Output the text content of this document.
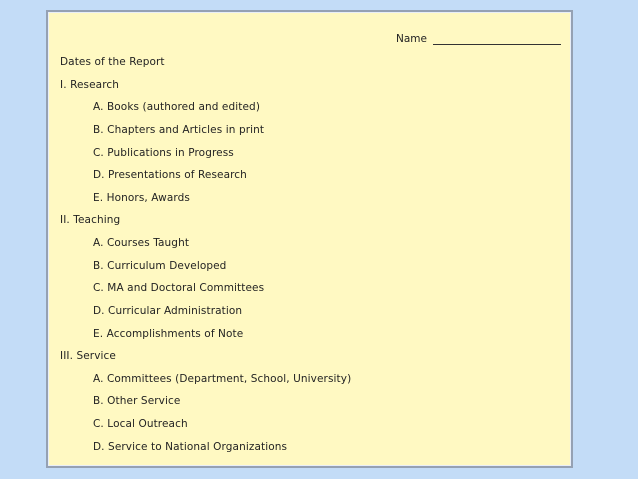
Name
Dates of the Report
I. Research
A. Books (authored and edited)
B. Chapters and Articles in print
C. Publications in Progress
D. Presentations of Research
E. Honors, Awards
II. Teaching
A. Courses Taught
B. Curriculum Developed
C. MA and Doctoral Committees
D. Curricular Administration
E. Accomplishments of Note
III. Service
A. Committees (Department, School, University)
B. Other Service
C. Local Outreach
D. Service to National Organizations
